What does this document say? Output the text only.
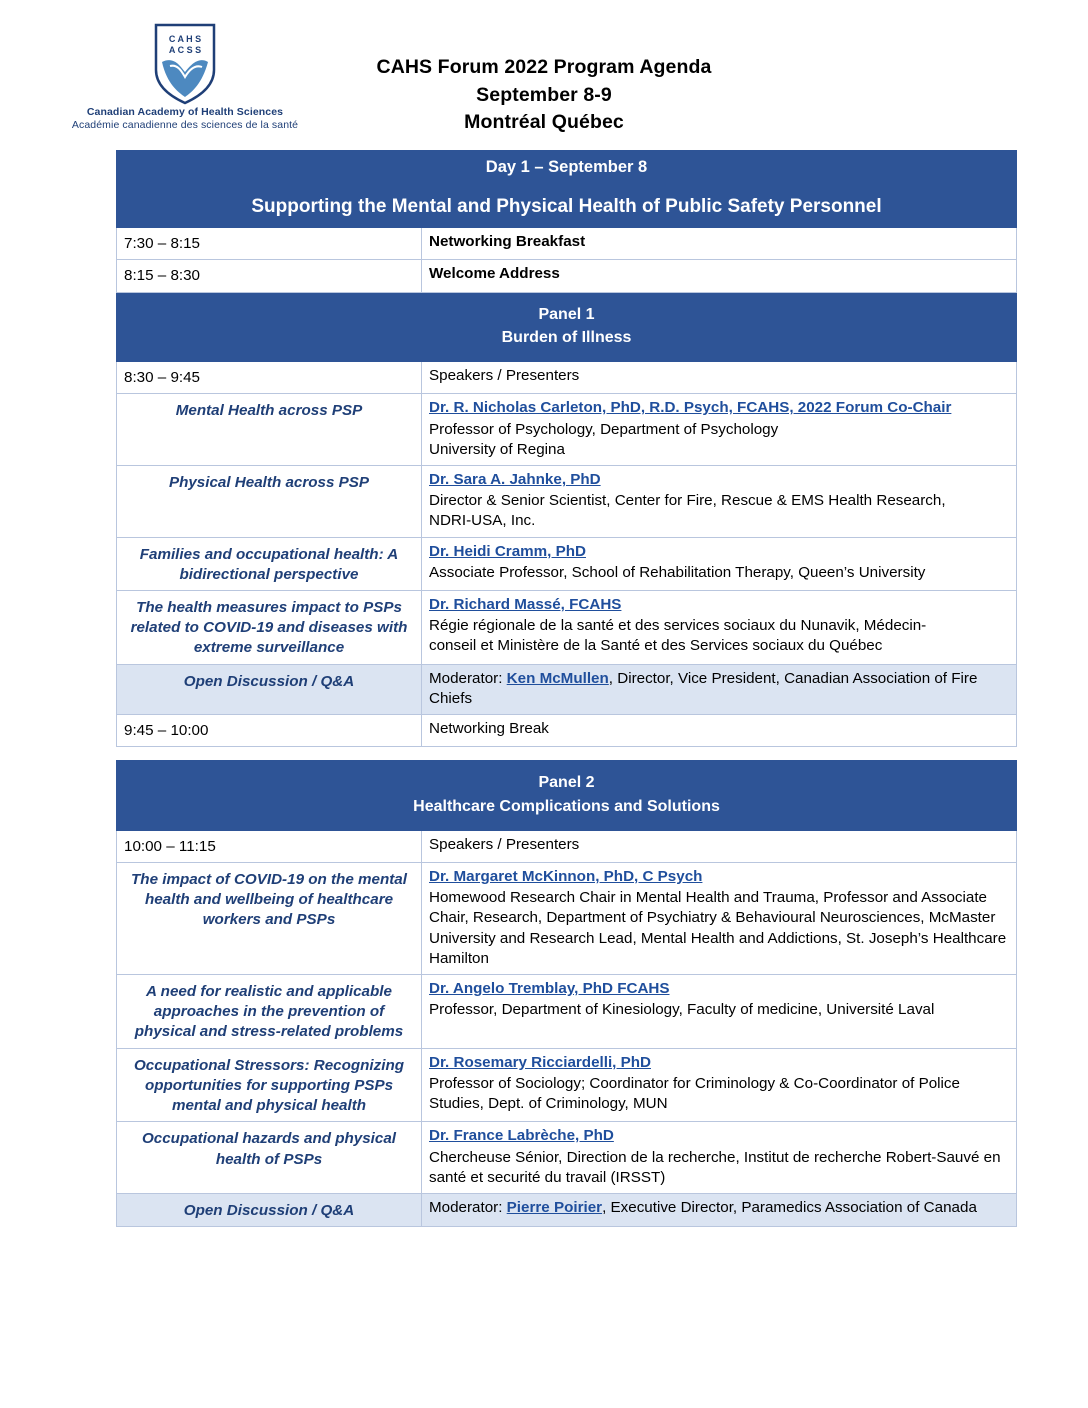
C A H S
A C S S
Canadian Academy of Health Sciences
Académie canadienne des sciences de la santé
CAHS Forum 2022 Program Agenda
September 8-9
Montréal Québec
Day 1 – September 8	
Supporting the Mental and Physical Health of Public Safety Personnel	
7:30 – 8:15	Networking Breakfast
8:15 – 8:30	Welcome Address

Panel 1
Burden of Illness	

8:30 – 9:45	Speakers / Presenters
Mental Health across PSP	Dr. R. Nicholas Carleton, PhD, R.D. Psych, FCAHS, 2022 Forum Co-Chair
Professor of Psychology, Department of Psychology
University of Regina

Physical Health across PSP	Dr. Sara A. Jahnke, PhD
Director & Senior Scientist, Center for Fire, Rescue & EMS Health Research,
NDRI-USA, Inc.

Families and occupational health: A bidirectional perspective	Dr. Heidi Cramm, PhD
Associate Professor, School of Rehabilitation Therapy, Queen’s University

The health measures impact to PSPs related to COVID-19 and diseases with extreme surveillance	Dr. Richard Massé, FCAHS
Régie régionale de la santé et des services sociaux du Nunavik, Médecin-
conseil et Ministère de la Santé et des Services sociaux du Québec

Open Discussion / Q&A	Moderator: Ken McMullen, Director, Vice President, Canadian Association of Fire Chiefs
9:45 – 10:00	Networking Break

Panel 2
Healthcare Complications and Solutions	

10:00 – 11:15	Speakers / Presenters
The impact of COVID-19 on the mental health and wellbeing of healthcare workers and PSPs	Dr. Margaret McKinnon, PhD, C Psych
Homewood Research Chair in Mental Health and Trauma, Professor and Associate Chair, Research, Department of Psychiatry & Behavioural Neurosciences, McMaster University and Research Lead, Mental Health and Addictions, St. Joseph’s Healthcare Hamilton

A need for realistic and applicable approaches in the prevention of physical and stress-related problems	Dr. Angelo Tremblay, PhD FCAHS
Professor, Department of Kinesiology, Faculty of medicine, Université Laval

Occupational Stressors: Recognizing opportunities for supporting PSPs mental and physical health	Dr. Rosemary Ricciardelli, PhD
Professor of Sociology; Coordinator for Criminology & Co-Coordinator of Police Studies, Dept. of Criminology, MUN

Occupational hazards and physical health of PSPs	Dr. France Labrèche, PhD
Chercheuse Sénior, Direction de la recherche, Institut de recherche Robert-Sauvé en santé et securité du travail (IRSST)

Open Discussion / Q&A	Moderator: Pierre Poirier, Executive Director, Paramedics Association of Canada
